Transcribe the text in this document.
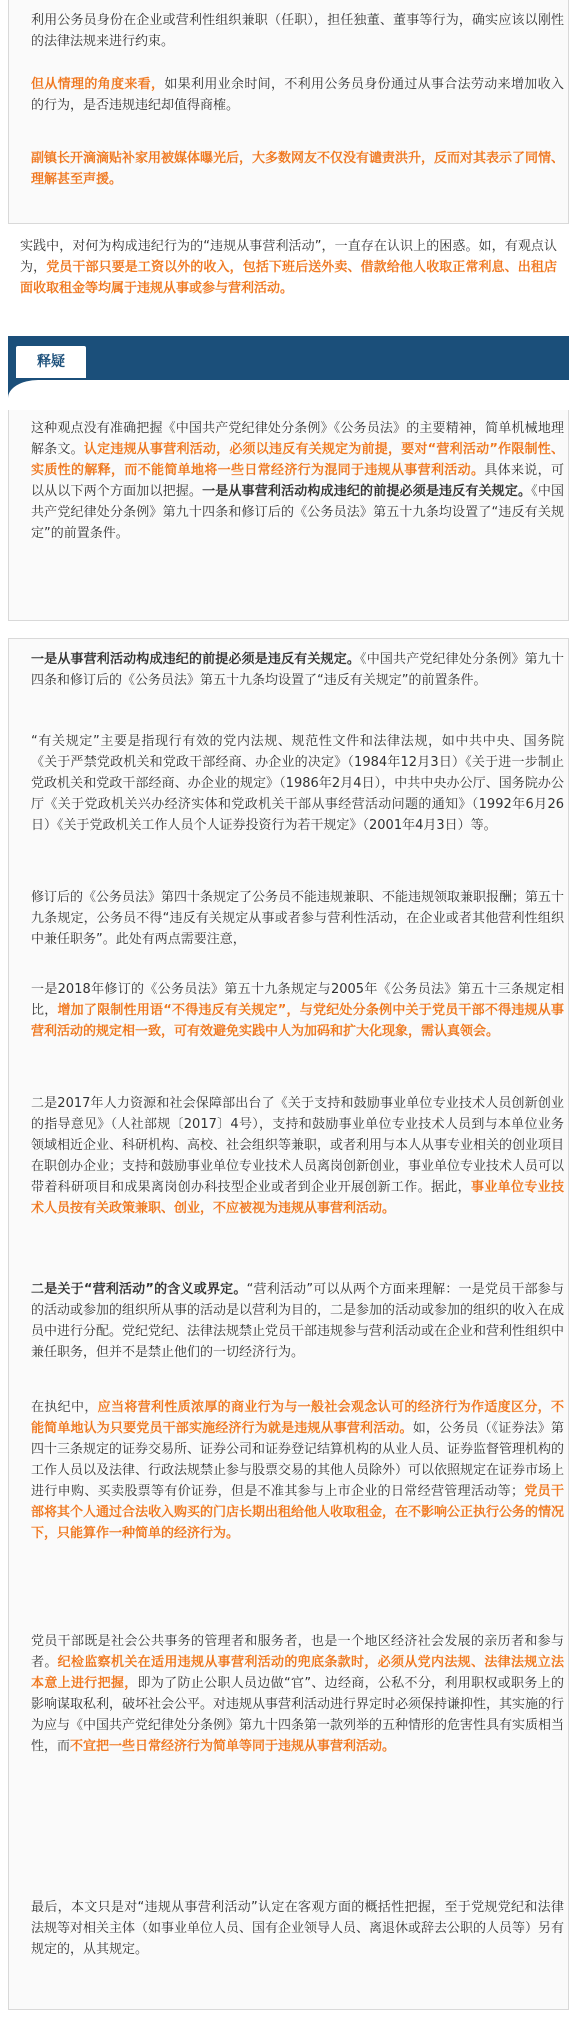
利用公务员身份在企业或营利性组织兼职（任职），担任独董、董事等行为，确实应该以刚性的法律法规来进行约束。

但从情理的角度来看，如果利用业余时间，不利用公务员身份通过从事合法劳动来增加收入的行为，是否违规违纪却值得商榷。

副镇长开滴滴贴补家用被媒体曝光后，大多数网友不仅没有谴责洪升，反而对其表示了同情、理解甚至声援。

实践中，对何为构成违纪行为的“违规从事营利活动”，一直存在认识上的困惑。如，有观点认为，党员干部只要是工资以外的收入，包括下班后送外卖、借款给他人收取正常利息、出租店面收取租金等均属于违规从事或参与营利活动。

释疑

这种观点没有准确把握《中国共产党纪律处分条例》《公务员法》的主要精神，简单机械地理解条文。认定违规从事营利活动，必须以违反有关规定为前提，要对“营利活动”作限制性、实质性的解释，而不能简单地将一些日常经济行为混同于违规从事营利活动。具体来说，可以从以下两个方面加以把握。一是从事营利活动构成违纪的前提必须是违反有关规定。《中国共产党纪律处分条例》第九十四条和修订后的《公务员法》第五十九条均设置了“违反有关规定”的前置条件。

一是从事营利活动构成违纪的前提必须是违反有关规定。《中国共产党纪律处分条例》第九十四条和修订后的《公务员法》第五十九条均设置了“违反有关规定”的前置条件。

“有关规定”主要是指现行有效的党内法规、规范性文件和法律法规，如中共中央、国务院《关于严禁党政机关和党政干部经商、办企业的决定》（1984年12月3日）《关于进一步制止党政机关和党政干部经商、办企业的规定》（1986年2月4日），中共中央办公厅、国务院办公厅《关于党政机关兴办经济实体和党政机关干部从事经营活动问题的通知》（1992年6月26日）《关于党政机关工作人员个人证券投资行为若干规定》（2001年4月3日）等。

修订后的《公务员法》第四十条规定了公务员不能违规兼职、不能违规领取兼职报酬；第五十九条规定，公务员不得“违反有关规定从事或者参与营利性活动，在企业或者其他营利性组织中兼任职务”。此处有两点需要注意，

一是2018年修订的《公务员法》第五十九条规定与2005年《公务员法》第五十三条规定相比，增加了限制性用语“不得违反有关规定”，与党纪处分条例中关于党员干部不得违规从事营利活动的规定相一致，可有效避免实践中人为加码和扩大化现象，需认真领会。

二是2017年人力资源和社会保障部出台了《关于支持和鼓励事业单位专业技术人员创新创业的指导意见》（人社部规〔2017〕4号），支持和鼓励事业单位专业技术人员到与本单位业务领域相近企业、科研机构、高校、社会组织等兼职，或者利用与本人从事专业相关的创业项目在职创办企业；支持和鼓励事业单位专业技术人员离岗创新创业，事业单位专业技术人员可以带着科研项目和成果离岗创办科技型企业或者到企业开展创新工作。据此，事业单位专业技术人员按有关政策兼职、创业，不应被视为违规从事营利活动。

二是关于“营利活动”的含义或界定。“营利活动”可以从两个方面来理解：一是党员干部参与的活动或参加的组织所从事的活动是以营利为目的，二是参加的活动或参加的组织的收入在成员中进行分配。党纪党纪、法律法规禁止党员干部违规参与营利活动或在企业和营利性组织中兼任职务，但并不是禁止他们的一切经济行为。

在执纪中，应当将营利性质浓厚的商业行为与一般社会观念认可的经济行为作适度区分，不能简单地认为只要党员干部实施经济行为就是违规从事营利活动。如，公务员（《证券法》第四十三条规定的证券交易所、证券公司和证券登记结算机构的从业人员、证券监督管理机构的工作人员以及法律、行政法规禁止参与股票交易的其他人员除外）可以依照规定在证券市场上进行申购、买卖股票等有价证券，但是不准其参与上市企业的日常经营管理活动等；党员干部将其个人通过合法收入购买的门店长期出租给他人收取租金，在不影响公正执行公务的情况下，只能算作一种简单的经济行为。

党员干部既是社会公共事务的管理者和服务者，也是一个地区经济社会发展的亲历者和参与者。纪检监察机关在适用违规从事营利活动的兜底条款时，必须从党内法规、法律法规立法本意上进行把握，即为了防止公职人员边做“官”、边经商，公私不分，利用职权或职务上的影响谋取私利，破坏社会公平。对违规从事营利活动进行界定时必须保持谦抑性，其实施的行为应与《中国共产党纪律处分条例》第九十四条第一款列举的五种情形的危害性具有实质相当性，而不宜把一些日常经济行为简单等同于违规从事营利活动。

最后，本文只是对“违规从事营利活动”认定在客观方面的概括性把握，至于党规党纪和法律法规等对相关主体（如事业单位人员、国有企业领导人员、离退休或辞去公职的人员等）另有规定的，从其规定。
